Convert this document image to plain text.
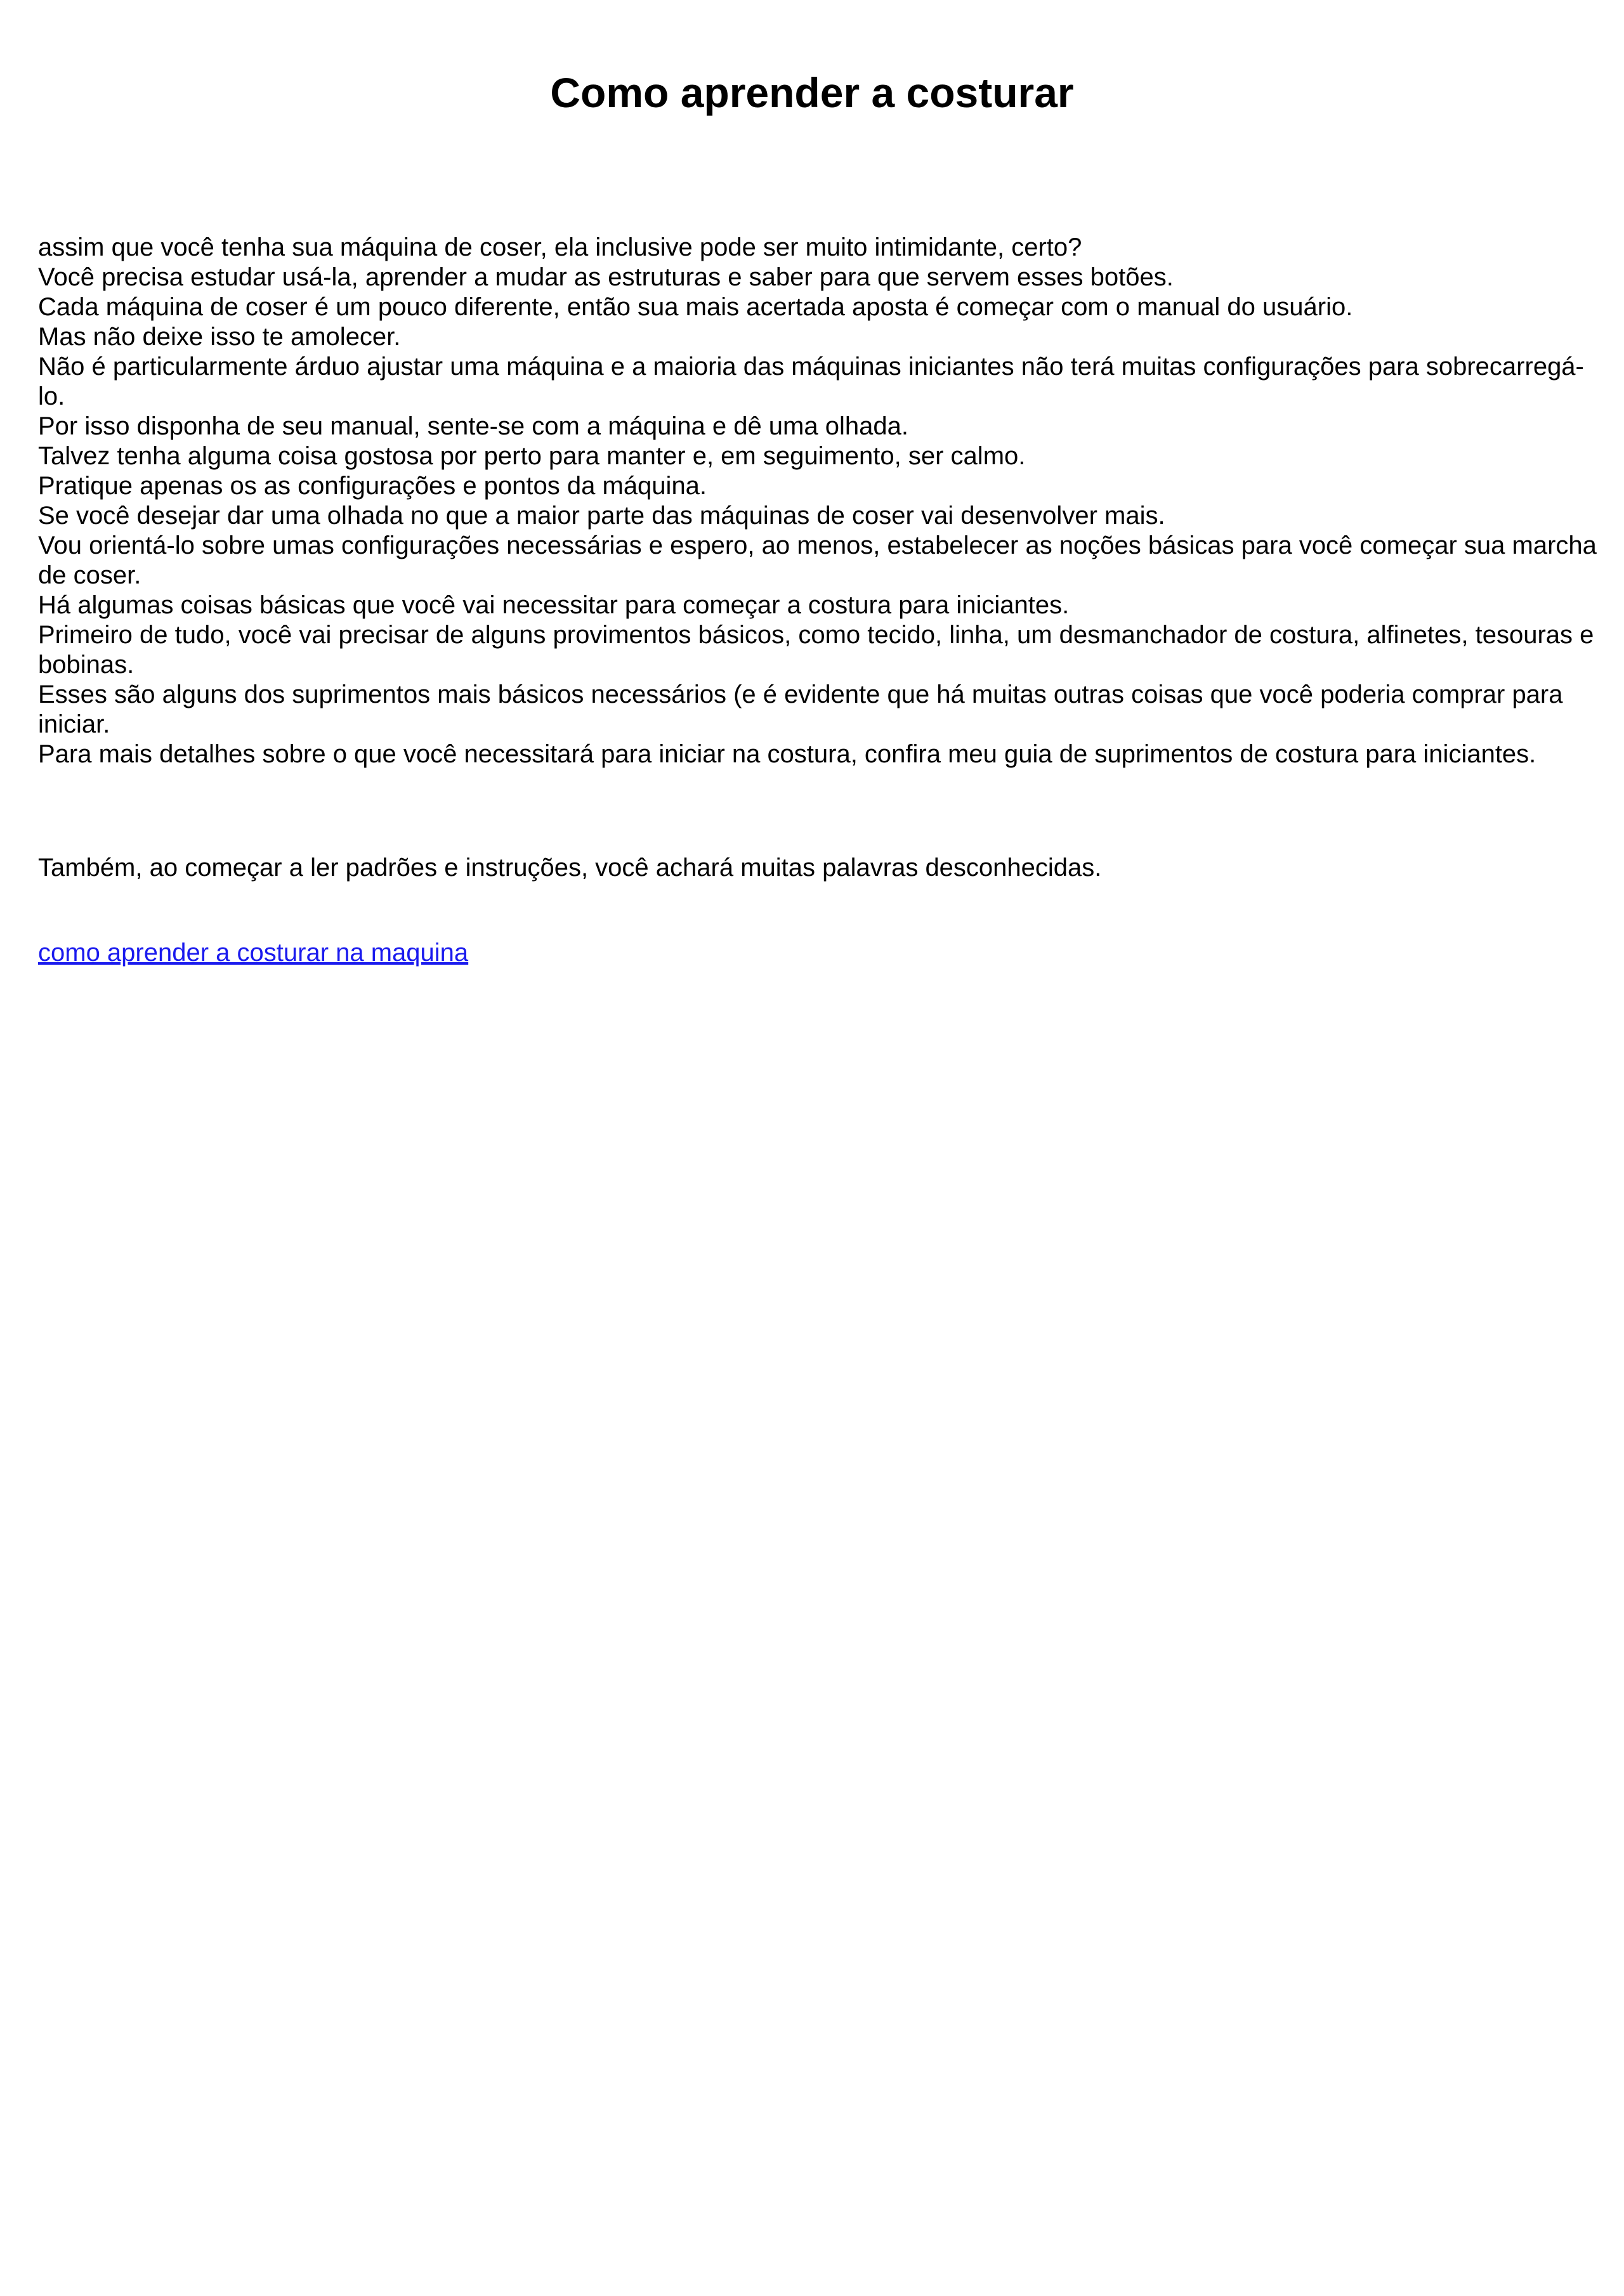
Como aprender a costurar

assim que você tenha sua máquina de coser, ela inclusive pode ser muito intimidante, certo?

Você precisa estudar usá-la, aprender a mudar as estruturas e saber para que servem esses botões.

Cada máquina de coser é um pouco diferente, então sua mais acertada aposta é começar com o manual do usuário.

Mas não deixe isso te amolecer.

Não é particularmente árduo ajustar uma máquina e a maioria das máquinas iniciantes não terá muitas configurações para sobrecarregá-lo.

Por isso disponha de seu manual, sente-se com a máquina e dê uma olhada.

Talvez tenha alguma coisa gostosa por perto para manter e, em seguimento, ser calmo.

Pratique apenas os as configurações e pontos da máquina.

Se você desejar dar uma olhada no que a maior parte das máquinas de coser vai desenvolver mais.

Vou orientá-lo sobre umas configurações necessárias e espero, ao menos, estabelecer as noções básicas para você começar sua marcha de coser.

Há algumas coisas básicas que você vai necessitar para começar a costura para iniciantes.

Primeiro de tudo, você vai precisar de alguns provimentos básicos, como tecido, linha, um desmanchador de costura, alfinetes, tesouras e bobinas.

Esses são alguns dos suprimentos mais básicos necessários (e é evidente que há muitas outras coisas que você poderia comprar para iniciar.

Para mais detalhes sobre o que você necessitará para iniciar na costura, confira meu guia de suprimentos de costura para iniciantes.

Também, ao começar a ler padrões e instruções, você achará muitas palavras desconhecidas.

como aprender a costurar na maquina
